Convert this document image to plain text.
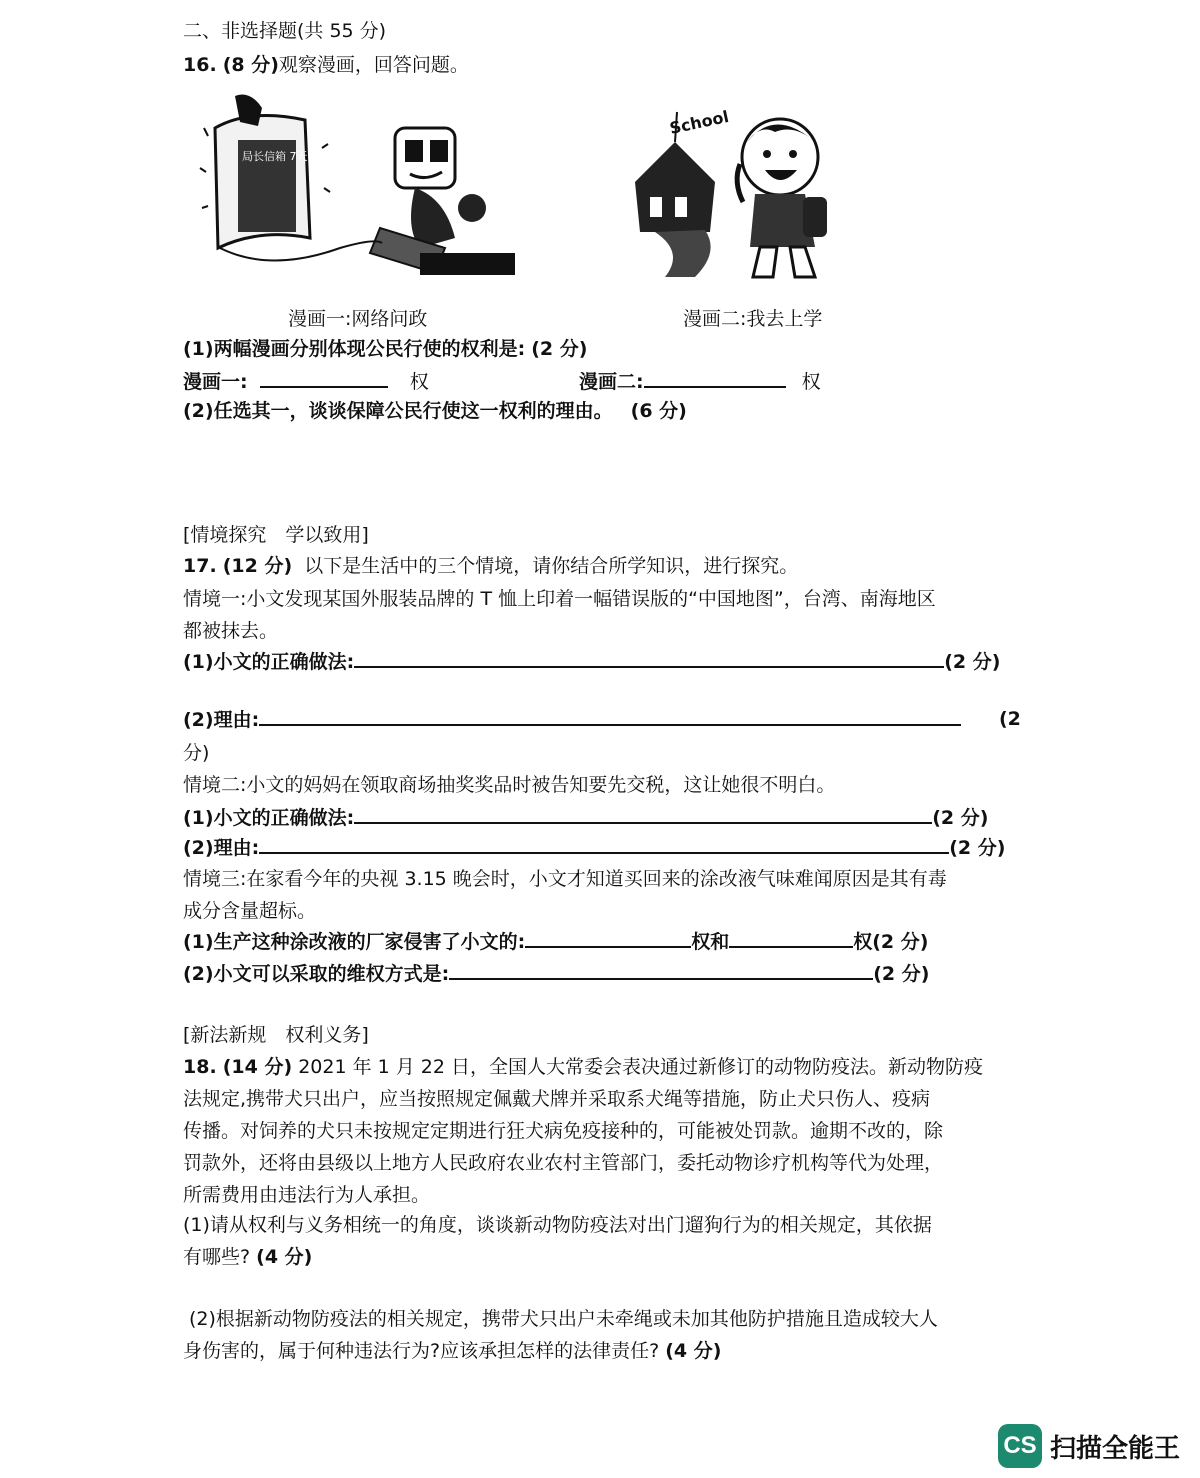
二、非选择题(共 55 分)
16. (8 分)观察漫画，回答问题。
局长信箱 7天内 有回音
漫画一:网络问政
School
漫画二:我去上学
(1)两幅漫画分别体现公民行使的权利是: (2 分)
漫画一:	权	漫画二:	权
(2)任选其一，谈谈保障公民行使这一权利的理由。 (6 分)
[情境探究　学以致用]
17. (12 分) 以下是生活中的三个情境，请你结合所学知识，进行探究。
情境一:小文发现某国外服装品牌的 T 恤上印着一幅错误版的“中国地图”，台湾、南海地区
都被抹去。
(1)小文的正确做法:	(2 分)
(2)理由:	(2
分)
情境二:小文的妈妈在领取商场抽奖奖品时被告知要先交税，这让她很不明白。
(1)小文的正确做法:	(2 分)
(2)理由:	(2 分)
情境三:在家看今年的央视 3.15 晚会时，小文才知道买回来的涂改液气味难闻原因是其有毒
成分含量超标。
(1)生产这种涂改液的厂家侵害了小文的:	权和	权(2 分)
(2)小文可以采取的维权方式是:	(2 分)
[新法新规　权利义务]
18. (14 分) 2021 年 1 月 22 日，全国人大常委会表决通过新修订的动物防疫法。新动物防疫
法规定,携带犬只出户，应当按照规定佩戴犬牌并采取系犬绳等措施，防止犬只伤人、疫病
传播。对饲养的犬只未按规定定期进行狂犬病免疫接种的，可能被处罚款。逾期不改的，除
罚款外，还将由县级以上地方人民政府农业农村主管部门，委托动物诊疗机构等代为处理，
所需费用由违法行为人承担。
(1)请从权利与义务相统一的角度，谈谈新动物防疫法对出门遛狗行为的相关规定，其依据
有哪些? (4 分)
(2)根据新动物防疫法的相关规定，携带犬只出户未牵绳或未加其他防护措施且造成较大人
身伤害的，属于何种违法行为?应该承担怎样的法律责任? (4 分)
CS 扫描全能王
